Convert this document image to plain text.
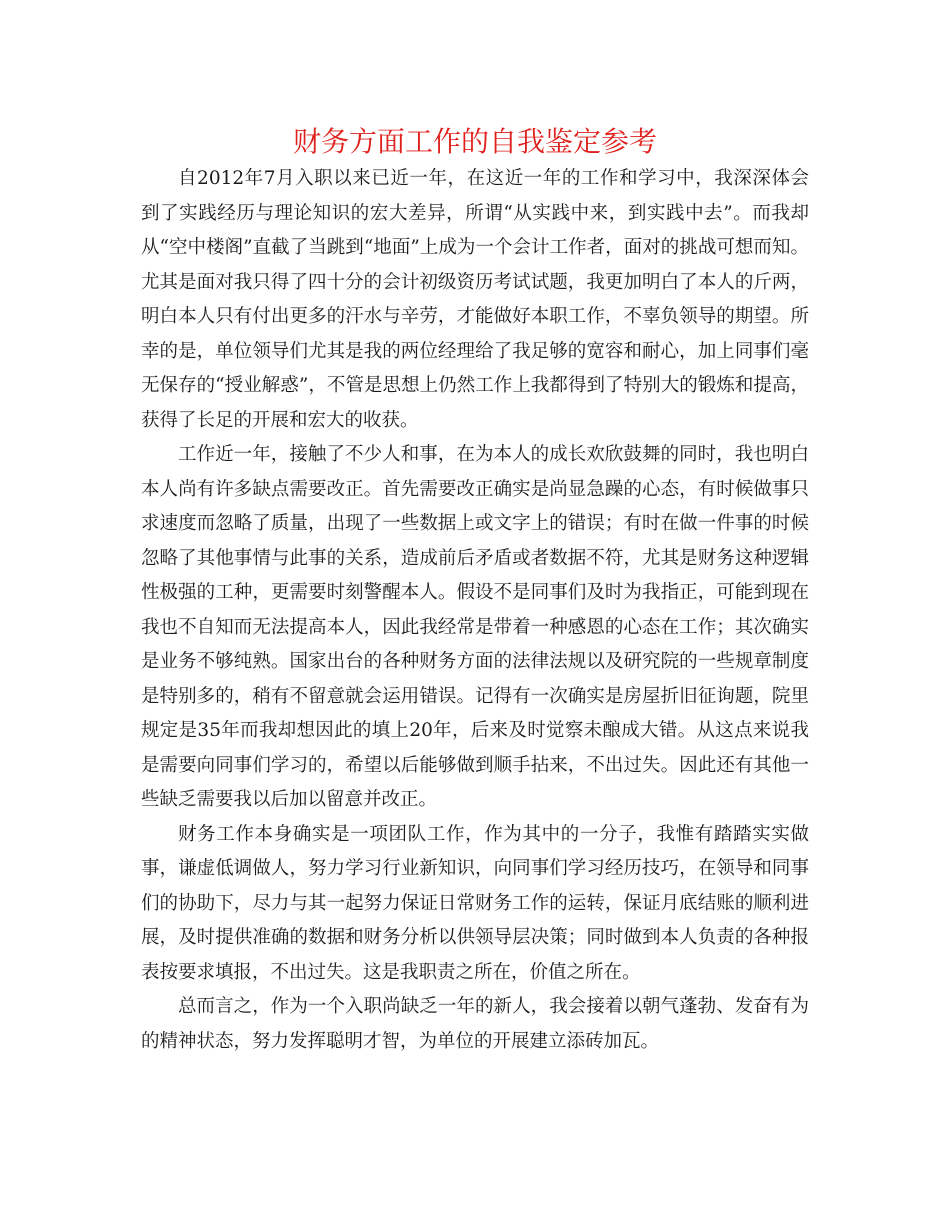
财务方面工作的自我鉴定参考

自2012年7月入职以来已近一年，在这近一年的工作和学习中，我深深体会到了实践经历与理论知识的宏大差异，所谓“从实践中来，到实践中去”。而我却从“空中楼阁”直截了当跳到“地面”上成为一个会计工作者，面对的挑战可想而知。尤其是面对我只得了四十分的会计初级资历考试试题，我更加明白了本人的斤两，明白本人只有付出更多的汗水与辛劳，才能做好本职工作，不辜负领导的期望。所幸的是，单位领导们尤其是我的两位经理给了我足够的宽容和耐心，加上同事们毫无保存的“授业解惑”，不管是思想上仍然工作上我都得到了特别大的锻炼和提高，获得了长足的开展和宏大的收获。

工作近一年，接触了不少人和事，在为本人的成长欢欣鼓舞的同时，我也明白本人尚有许多缺点需要改正。首先需要改正确实是尚显急躁的心态，有时候做事只求速度而忽略了质量，出现了一些数据上或文字上的错误；有时在做一件事的时候忽略了其他事情与此事的关系，造成前后矛盾或者数据不符，尤其是财务这种逻辑性极强的工种，更需要时刻警醒本人。假设不是同事们及时为我指正，可能到现在我也不自知而无法提高本人，因此我经常是带着一种感恩的心态在工作；其次确实是业务不够纯熟。国家出台的各种财务方面的法律法规以及研究院的一些规章制度是特别多的，稍有不留意就会运用错误。记得有一次确实是房屋折旧征询题，院里规定是35年而我却想因此的填上20年，后来及时觉察未酿成大错。从这点来说我是需要向同事们学习的，希望以后能够做到顺手拈来，不出过失。因此还有其他一些缺乏需要我以后加以留意并改正。

财务工作本身确实是一项团队工作，作为其中的一分子，我惟有踏踏实实做事，谦虚低调做人，努力学习行业新知识，向同事们学习经历技巧，在领导和同事们的协助下，尽力与其一起努力保证日常财务工作的运转，保证月底结账的顺利进展，及时提供准确的数据和财务分析以供领导层决策；同时做到本人负责的各种报表按要求填报，不出过失。这是我职责之所在，价值之所在。

总而言之，作为一个入职尚缺乏一年的新人，我会接着以朝气蓬勃、发奋有为的精神状态，努力发挥聪明才智，为单位的开展建立添砖加瓦。
